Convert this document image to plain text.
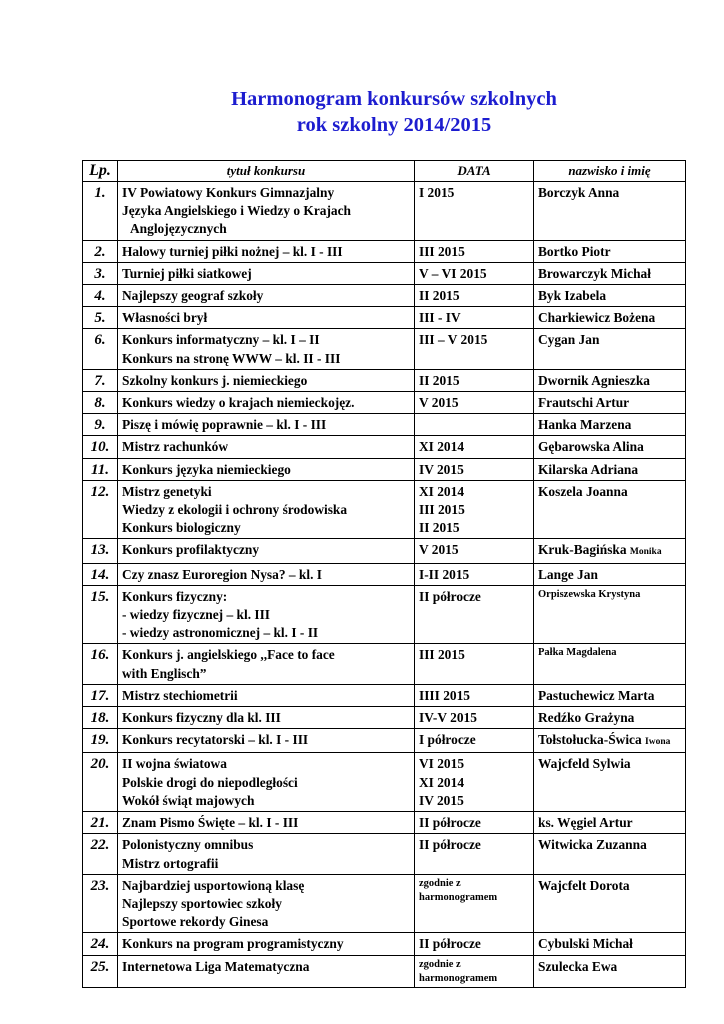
Harmonogram konkursów szkolnych
rok szkolny 2014/2015
Lp.	tytuł konkursu	DATA	nazwisko i imię
1.	IV Powiatowy Konkurs Gimnazjalny
Języka Angielskiego i Wiedzy o Krajach
Anglojęzycznych	I 2015	Borczyk Anna
2.	Halowy turniej piłki nożnej – kl. I - III	III 2015	Bortko Piotr
3.	Turniej piłki siatkowej	V – VI 2015	Browarczyk Michał
4.	Najlepszy geograf szkoły	II 2015	Byk Izabela
5.	Własności brył	III - IV	Charkiewicz Bożena
6.	Konkurs informatyczny – kl. I – II
Konkurs na stronę WWW – kl. II - III	III – V 2015	Cygan Jan
7.	Szkolny konkurs j. niemieckiego	II 2015	Dwornik Agnieszka
8.	Konkurs wiedzy o krajach niemieckojęz.	V 2015	Frautschi Artur
9.	Piszę i mówię poprawnie – kl. I - III		Hanka Marzena
10.	Mistrz rachunków	XI 2014	Gębarowska Alina
11.	Konkurs języka niemieckiego	IV 2015	Kilarska Adriana
12.	Mistrz genetyki
Wiedzy z ekologii i ochrony środowiska
Konkurs biologiczny	XI 2014
III 2015
II 2015	Koszela Joanna
13.	Konkurs profilaktyczny	V 2015	Kruk-Bagińska Monika
14.	Czy znasz Euroregion Nysa? – kl. I	I-II 2015	Lange Jan
15.	Konkurs fizyczny:
- wiedzy fizycznej – kl. III
- wiedzy astronomicznej – kl. I - II	II półrocze	Orpiszewska Krystyna
16.	Konkurs j. angielskiego ,,Face to face
with Englisch”	III 2015	Pałka Magdalena
17.	Mistrz stechiometrii	IIII 2015	Pastuchewicz Marta
18.	Konkurs fizyczny dla kl. III	IV-V 2015	Redźko Grażyna
19.	Konkurs recytatorski – kl. I - III	I półrocze	Tołstołucka-Świca Iwona
20.	II wojna światowa
Polskie drogi do niepodległości
Wokół świąt majowych	VI 2015
XI 2014
IV 2015	Wajcfeld Sylwia
21.	Znam Pismo Święte – kl. I - III	II półrocze	ks. Węgiel Artur
22.	Polonistyczny omnibus
Mistrz ortografii	II półrocze	Witwicka Zuzanna
23.	Najbardziej usportowioną klasę
Najlepszy sportowiec szkoły
Sportowe rekordy Ginesa	zgodnie z
harmonogramem	Wajcfelt Dorota
24.	Konkurs na program programistyczny	II półrocze	Cybulski Michał
25.	Internetowa Liga Matematyczna	zgodnie z
harmonogramem	Szulecka Ewa
